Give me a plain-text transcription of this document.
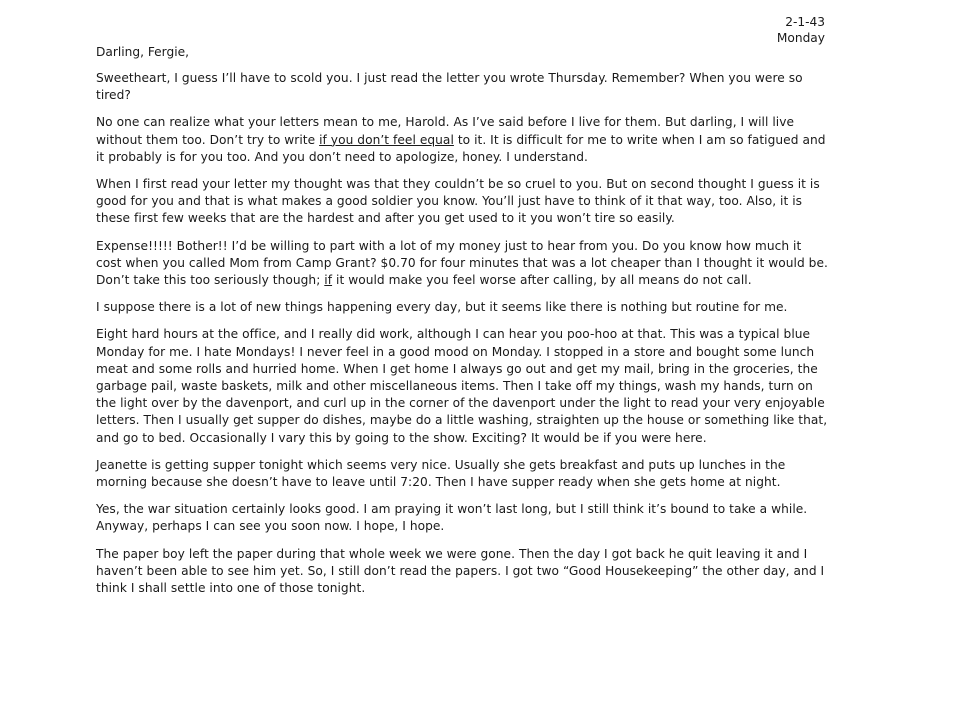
2-1-43
Monday
Darling, Fergie,

Sweetheart, I guess I’ll have to scold you. I just read the letter you wrote Thursday. Remember? When you were so tired?

No one can realize what your letters mean to me, Harold. As I’ve said before I live for them. But darling, I will live without them too. Don’t try to write if you don’t feel equal to it. It is difficult for me to write when I am so fatigued and it probably is for you too. And you don’t need to apologize, honey. I understand.

When I first read your letter my thought was that they couldn’t be so cruel to you. But on second thought I guess it is good for you and that is what makes a good soldier you know. You’ll just have to think of it that way, too. Also, it is these first few weeks that are the hardest and after you get used to it you won’t tire so easily.

Expense!!!!! Bother!! I’d be willing to part with a lot of my money just to hear from you. Do you know how much it cost when you called Mom from Camp Grant? $0.70 for four minutes that was a lot cheaper than I thought it would be. Don’t take this too seriously though; if it would make you feel worse after calling, by all means do not call.

I suppose there is a lot of new things happening every day, but it seems like there is nothing but routine for me.

Eight hard hours at the office, and I really did work, although I can hear you poo-hoo at that. This was a typical blue Monday for me. I hate Mondays! I never feel in a good mood on Monday. I stopped in a store and bought some lunch meat and some rolls and hurried home. When I get home I always go out and get my mail, bring in the groceries, the garbage pail, waste baskets, milk and other miscellaneous items. Then I take off my things, wash my hands, turn on the light over by the davenport, and curl up in the corner of the davenport under the light to read your very enjoyable letters. Then I usually get supper do dishes, maybe do a little washing, straighten up the house or something like that, and go to bed. Occasionally I vary this by going to the show. Exciting? It would be if you were here.

Jeanette is getting supper tonight which seems very nice. Usually she gets breakfast and puts up lunches in the morning because she doesn’t have to leave until 7:20. Then I have supper ready when she gets home at night.

Yes, the war situation certainly looks good. I am praying it won’t last long, but I still think it’s bound to take a while. Anyway, perhaps I can see you soon now. I hope, I hope.

The paper boy left the paper during that whole week we were gone. Then the day I got back he quit leaving it and I haven’t been able to see him yet. So, I still don’t read the papers. I got two “Good Housekeeping” the other day, and I think I shall settle into one of those tonight.
